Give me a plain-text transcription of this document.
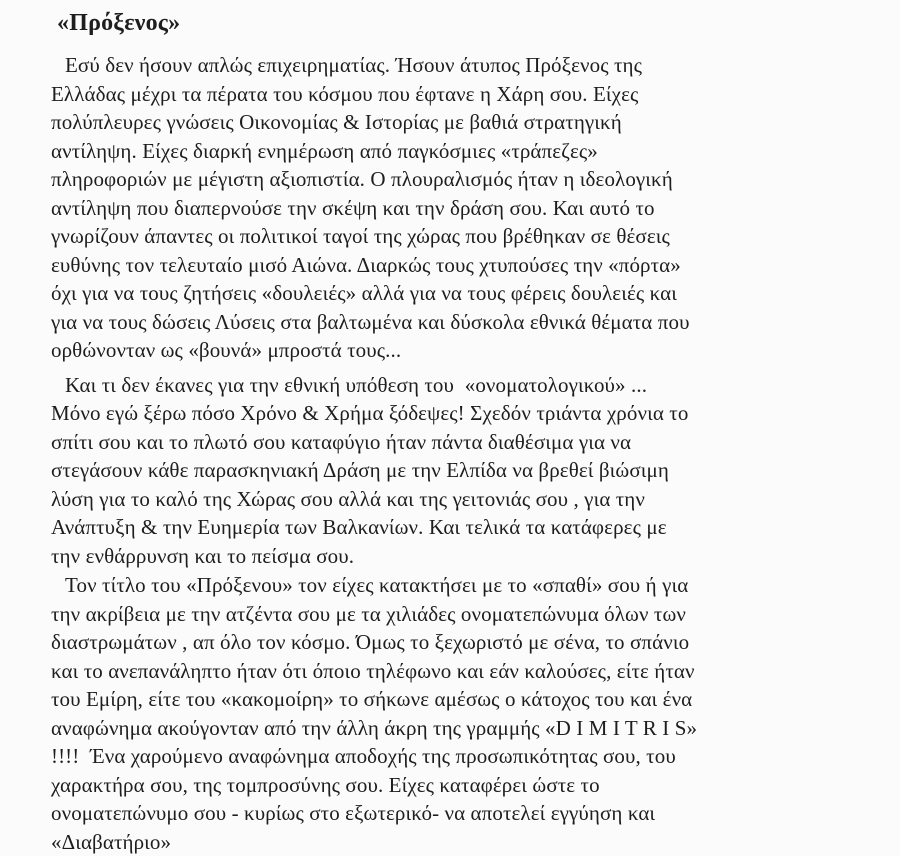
«Πρόξενος»
Εσύ δεν ήσουν απλώς επιχειρηματίας. Ήσουν άτυπος Πρόξενος της
Ελλάδας μέχρι τα πέρατα του κόσμου που έφτανε η Χάρη σου. Είχες
πολύπλευρες γνώσεις Οικονομίας & Ιστορίας με βαθιά στρατηγική
αντίληψη. Είχες διαρκή ενημέρωση από παγκόσμιες «τράπεζες»
πληροφοριών με μέγιστη αξιοπιστία. Ο πλουραλισμός ήταν η ιδεολογική
αντίληψη που διαπερνούσε την σκέψη και την δράση σου. Και αυτό το
γνωρίζουν άπαντες οι πολιτικοί ταγοί της χώρας που βρέθηκαν σε θέσεις
ευθύνης τον τελευταίο μισό Αιώνα. Διαρκώς τους χτυπούσες την «πόρτα»
όχι για να τους ζητήσεις «δουλειές» αλλά για να τους φέρεις δουλειές και
για να τους δώσεις Λύσεις στα βαλτωμένα και δύσκολα εθνικά θέματα που
ορθώνονταν ως «βουνά» μπροστά τους...
Και τι δεν έκανες για την εθνική υπόθεση του  «ονοματολογικού» ...
Μόνο εγώ ξέρω πόσο Χρόνο & Χρήμα ξόδεψες! Σχεδόν τριάντα χρόνια το
σπίτι σου και το πλωτό σου καταφύγιο ήταν πάντα διαθέσιμα για να
στεγάσουν κάθε παρασκηνιακή Δράση με την Ελπίδα να βρεθεί βιώσιμη
λύση για το καλό της Χώρας σου αλλά και της γειτονιάς σου , για την
Ανάπτυξη & την Ευημερία των Βαλκανίων. Και τελικά τα κατάφερες με
την ενθάρρυνση και το πείσμα σου.
Τον τίτλο του «Πρόξενου» τον είχες κατακτήσει με το «σπαθί» σου ή για
την ακρίβεια με την ατζέντα σου με τα χιλιάδες ονοματεπώνυμα όλων των
διαστρωμάτων , απ όλο τον κόσμο. Όμως το ξεχωριστό με σένα, το σπάνιο
και το ανεπανάληπτο ήταν ότι όποιο τηλέφωνο και εάν καλούσες, είτε ήταν
του Εμίρη, είτε του «κακομοίρη» το σήκωνε αμέσως ο κάτοχος του και ένα
αναφώνημα ακούγονταν από την άλλη άκρη της γραμμής «D I M I T R I S»
!!!!  Ένα χαρούμενο αναφώνημα αποδοχής της προσωπικότητας σου, του
χαρακτήρα σου, της τομπροσύνης σου. Είχες καταφέρει ώστε το
ονοματεπώνυμο σου - κυρίως στο εξωτερικό- να αποτελεί εγγύηση και
«Διαβατήριο»
